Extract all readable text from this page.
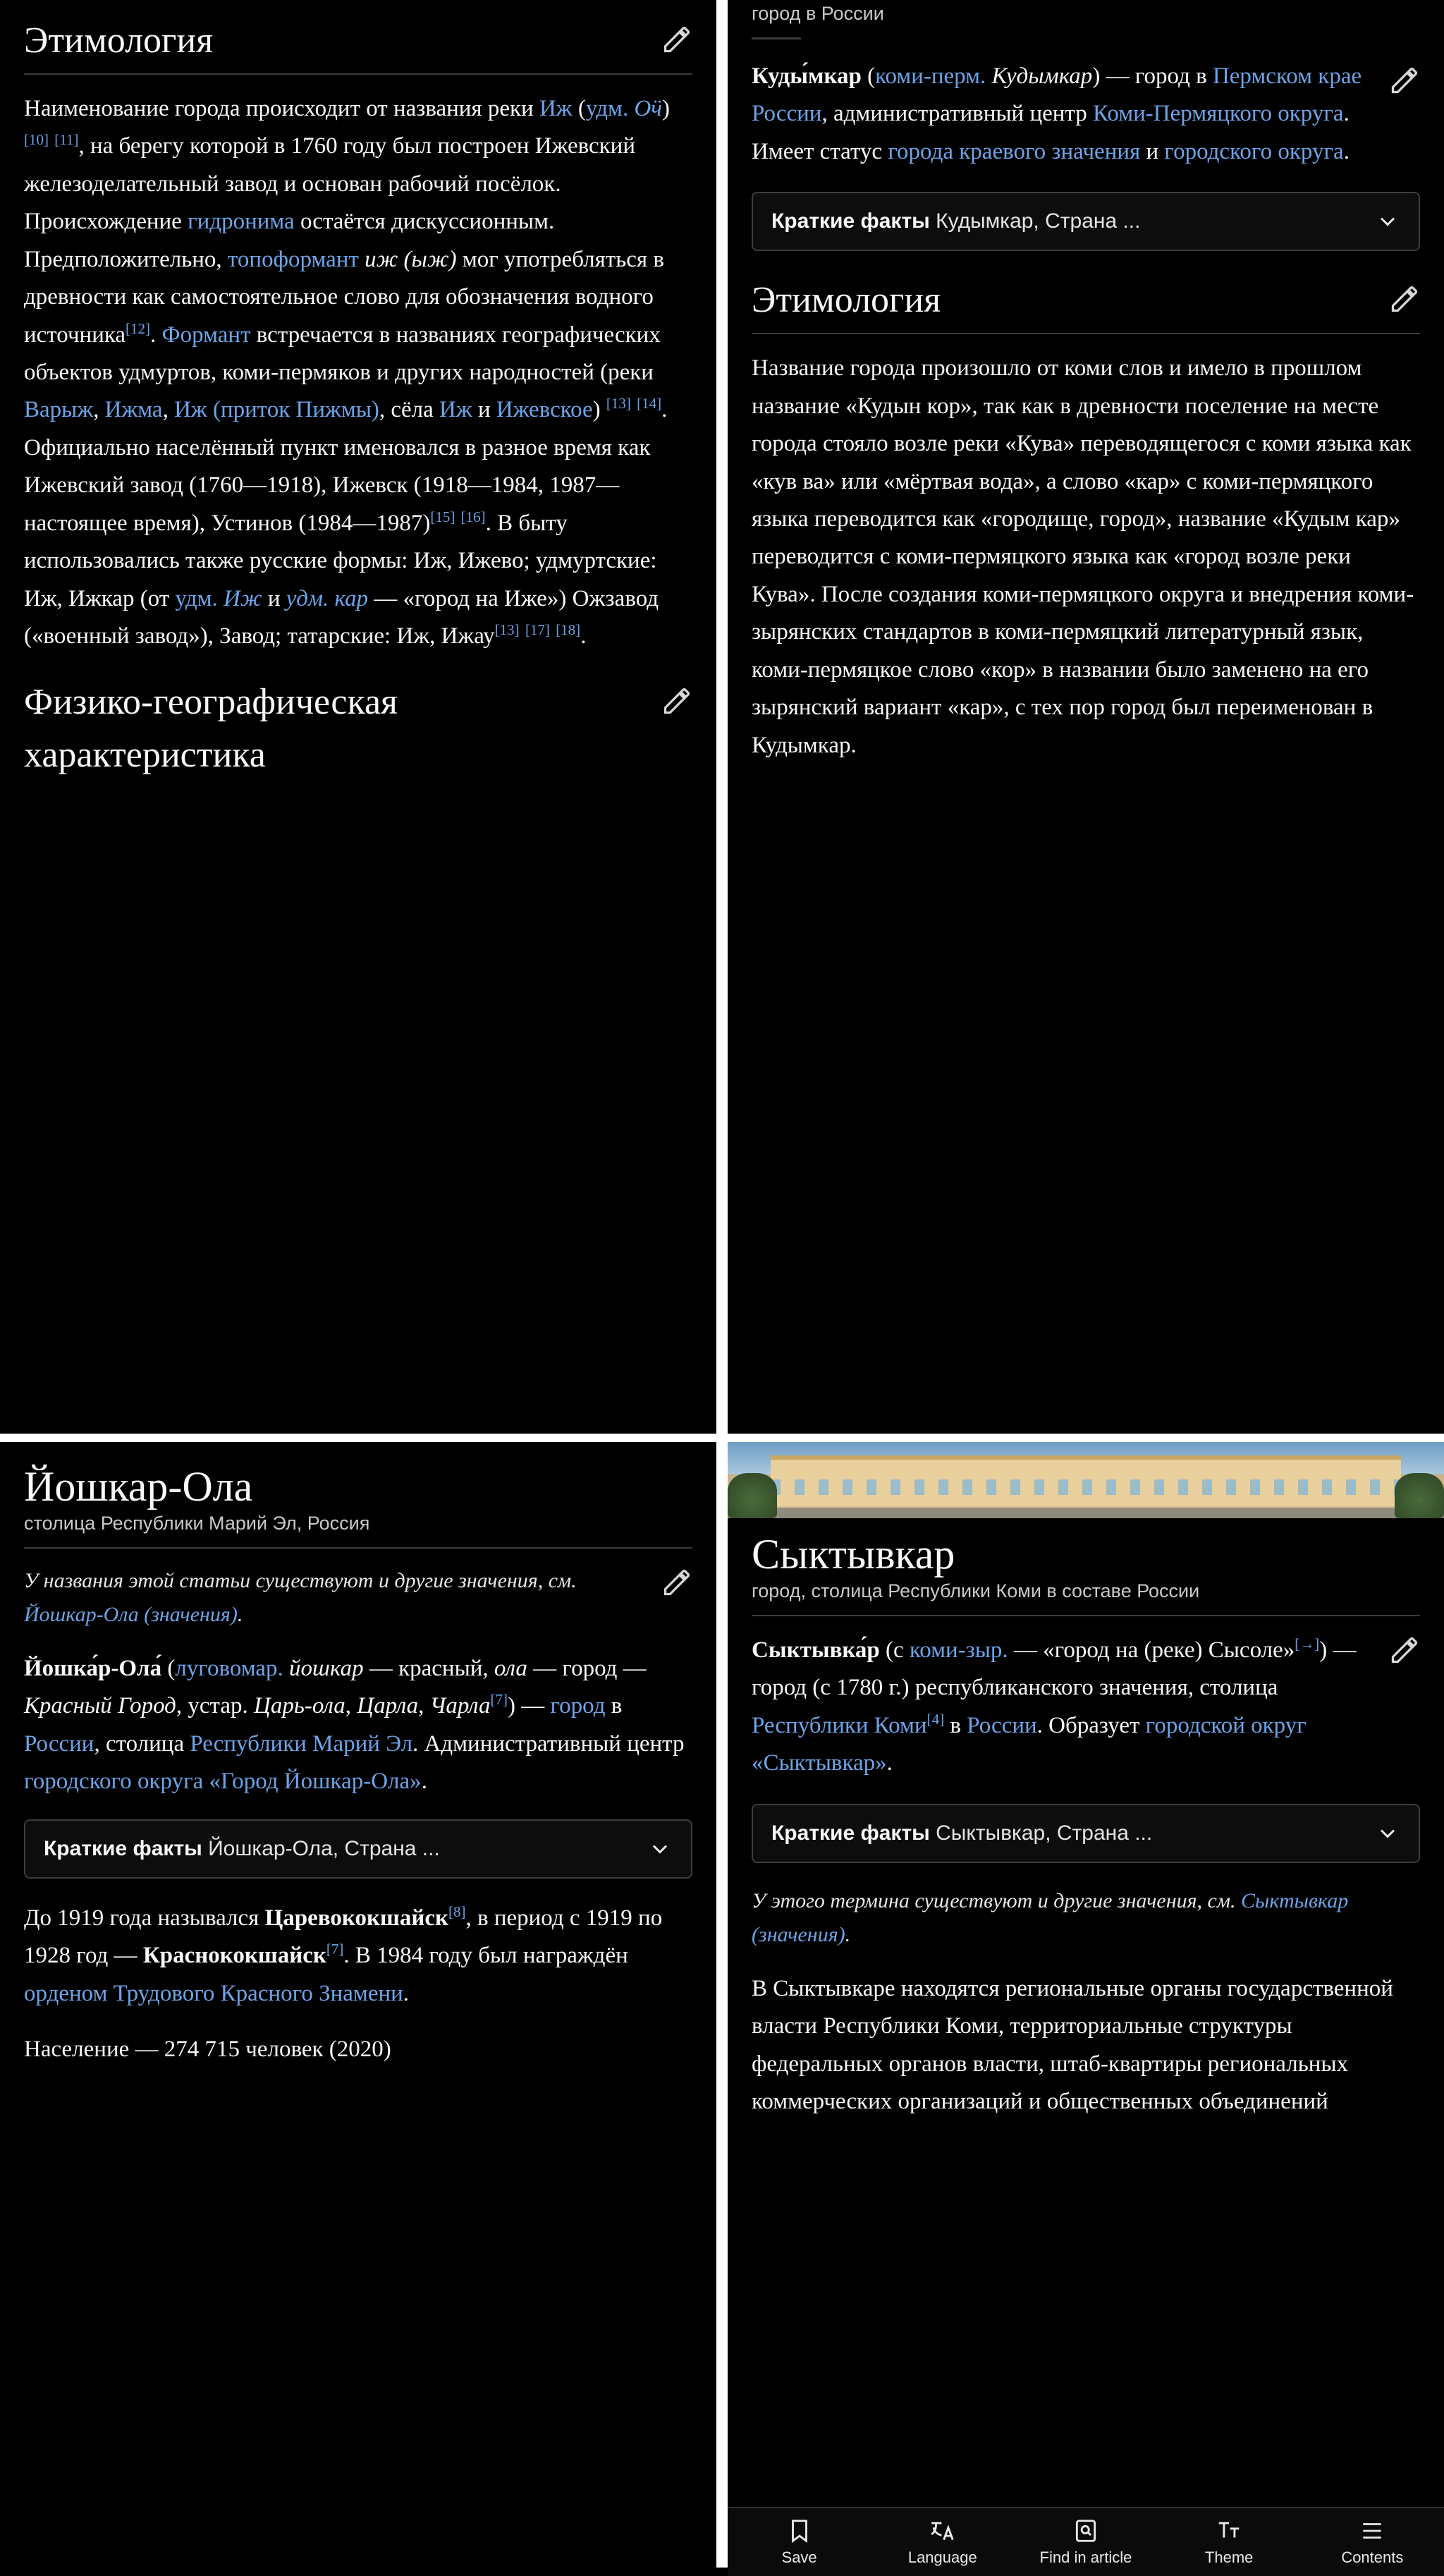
Этимология

Наименование города происходит от названия реки Иж (удм. Оӵ) [10] [11], на берегу которой в 1760 году был построен Ижевский железоделательный завод и основан рабочий посёлок. Происхождение гидронима остаётся дискуссионным. Предположительно, топоформант иж (ыж) мог употребляться в древности как самостоятельное слово для обозначения водного источника[12]. Формант встречается в названиях географических объектов удмуртов, коми-пермяков и других народностей (реки Варыж, Ижма, Иж (приток Пижмы), сёла Иж и Ижевское) [13] [14]. Официально населённый пункт именовался в разное время как Ижевский завод (1760—1918), Ижевск (1918—1984, 1987—настоящее время), Устинов (1984—1987)[15] [16]. В быту использовались также русские формы: Иж, Ижево; удмуртские: Иж, Ижкар (от удм. Иж и удм. кар — «город на Иже») Ожзавод («военный завод»), Завод; татарские: Иж, Ижау[13] [17] [18].

Физико-географическая
характеристика
город в России

Куды́мкар (коми-перм. Кудымкар) — город в Пермском крае России, административный центр Коми-Пермяцкого округа. Имеет статус города краевого значения и городского округа.

Краткие факты Кудымкар, Страна ...
Этимология

Название города произошло от коми слов и имело в прошлом название «Кудын кор», так как в древности поселение на месте города стояло возле реки «Кува» переводящегося с коми языка как «кув ва» или «мёртвая вода», а слово «кар» с коми-пермяцкого языка переводится как «городище, город», название «Кудым кар» переводится с коми-пермяцкого языка как «город возле реки Кува». После создания коми-пермяцкого округа и внедрения коми-зырянских стандартов в коми-пермяцкий литературный язык, коми-пермяцкое слово «кор» в названии было заменено на его зырянский вариант «кар», с тех пор город был переименован в Кудымкар.

Йошкар-Ола
столица Республики Марий Эл, Россия
У названия этой статьи существуют и другие значения, см. Йошкар-Ола (значения).

Йошка́р-Ола́ (луговомар. йошкар — красный, ола — город — Красный Город, устар. Царь-ола, Царла, Чарла[7]) — город в России, столица Республики Марий Эл. Административный центр городского округа «Город Йошкар-Ола».

Краткие факты Йошкар-Ола, Страна ...

До 1919 года назывался Царевококшайск[8], в период с 1919 по 1928 год — Краснококшайск[7]. В 1984 году был награждён орденом Трудового Красного Знамени.

Население — 274 715 человек (2020)

Сыктывкар
город, столица Республики Коми в составе России

Сыктывка́р (с коми-зыр. — «город на (реке) Сысоле»[→]) — город (с 1780 г.) республиканского значения, столица Республики Коми[4] в России. Образует городской округ «Сыктывкар».

Краткие факты Сыктывкар, Страна ...
У этого термина существуют и другие значения, см. Сыктывкар (значения).

В Сыктывкаре находятся региональные органы государственной власти Республики Коми, территориальные структуры федеральных органов власти, штаб-квартиры региональных коммерческих организаций и общественных объединений

Save	Language	Find in article	Theme	Contents
